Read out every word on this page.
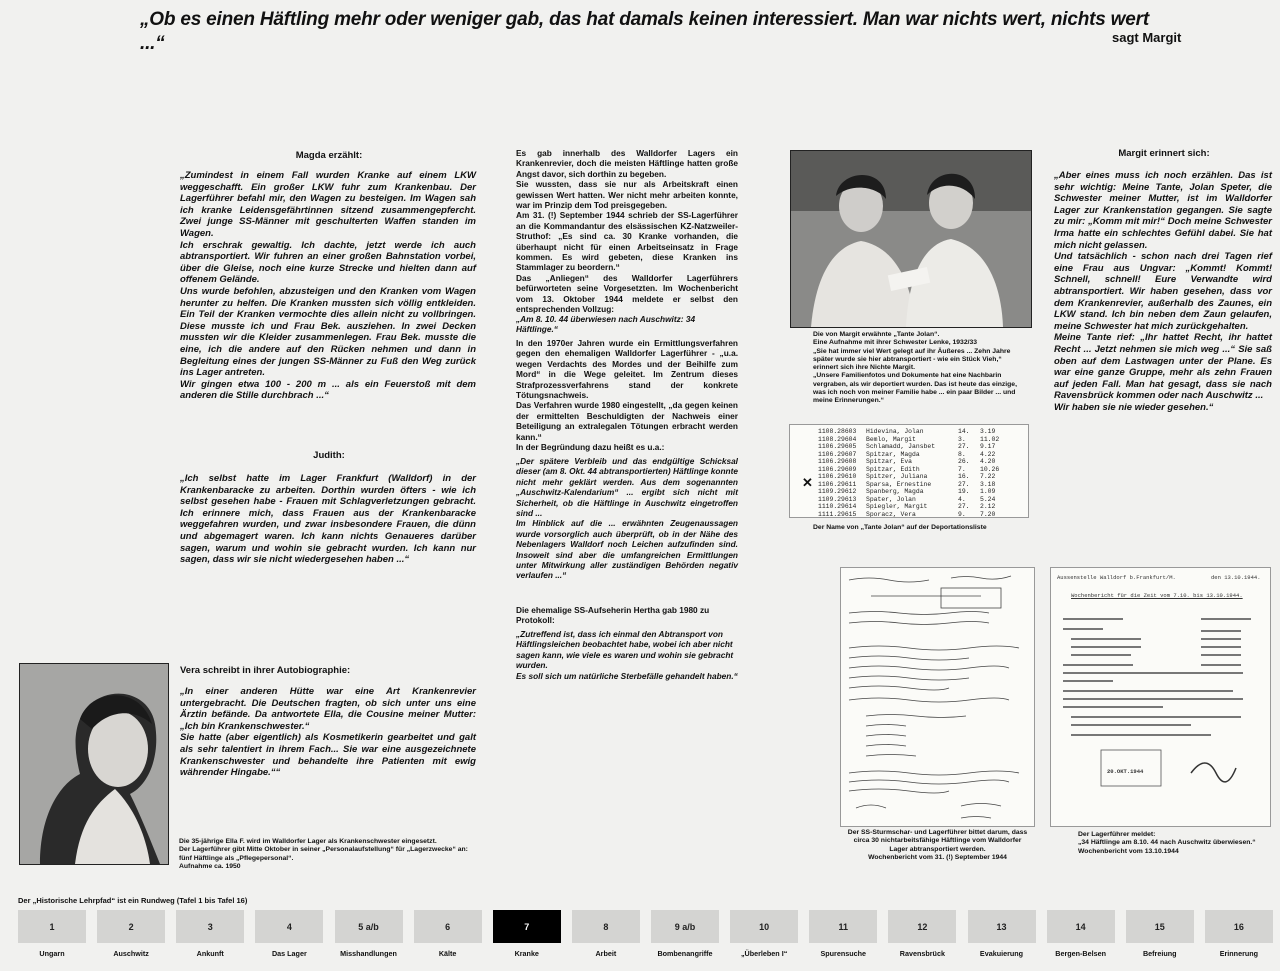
„Ob es einen Häftling mehr oder weniger gab, das hat damals keinen interessiert. Man war nichts wert, nichts wert ...“	sagt Margit
Magda erzählt:
„Zumindest in einem Fall wurden Kranke auf einem LKW weggeschafft. Ein großer LKW fuhr zum Krankenbau. Der Lagerführer befahl mir, den Wagen zu besteigen. Im Wagen sah ich kranke Leidensgefährtinnen sitzend zusammengepfercht. Zwei junge SS-Männer mit geschulterten Waffen standen im Wagen.
Ich erschrak gewaltig. Ich dachte, jetzt werde ich auch abtransportiert. Wir fuhren an einer großen Bahnstation vorbei, über die Gleise, noch eine kurze Strecke und hielten dann auf offenem Gelände.
Uns wurde befohlen, abzusteigen und den Kranken vom Wagen herunter zu helfen. Die Kranken mussten sich völlig entkleiden. Ein Teil der Kranken vermochte dies allein nicht zu vollbringen. Diese musste ich und Frau Bek. ausziehen. In zwei Decken mussten wir die Kleider zusammenlegen. Frau Bek. musste die eine, ich die andere auf den Rücken nehmen und dann in Begleitung eines der jungen SS-Männer zu Fuß den Weg zurück ins Lager antreten.
Wir gingen etwa 100 - 200 m ... als ein Feuerstoß mit dem anderen die Stille durchbrach ...“
Judith:
„Ich selbst hatte im Lager Frankfurt (Walldorf) in der Krankenbaracke zu arbeiten. Dorthin wurden öfters - wie ich selbst gesehen habe - Frauen mit Schlagverletzungen gebracht. Ich erinnere mich, dass Frauen aus der Krankenbaracke weggefahren wurden, und zwar insbesondere Frauen, die dünn und abgemagert waren. Ich kann nichts Genaueres darüber sagen, warum und wohin sie gebracht wurden. Ich kann nur sagen, dass wir sie nicht wiedergesehen haben ...“
Vera schreibt in ihrer Autobiographie:
„In einer anderen Hütte war eine Art Krankenrevier untergebracht. Die Deutschen fragten, ob sich unter uns eine Ärztin befände. Da antwortete Ella, die Cousine meiner Mutter: „Ich bin Krankenschwester.“
Sie hatte (aber eigentlich) als Kosmetikerin gearbeitet und galt als sehr talentiert in ihrem Fach... Sie war eine ausgezeichnete Krankenschwester und behandelte ihre Patienten mit ewig währender Hingabe.““
Die 35-jährige Ella F. wird im Walldorfer Lager als Krankenschwester eingesetzt.
Der Lagerführer gibt Mitte Oktober in seiner „Personalaufstellung“ für „Lagerzwecke“ an: fünf Häftlinge als „Pflegepersonal“.
Aufnahme ca. 1950
Es gab innerhalb des Walldorfer Lagers ein Krankenrevier, doch die meisten Häftlinge hatten große Angst davor, sich dorthin zu begeben.
Sie wussten, dass sie nur als Arbeitskraft einen gewissen Wert hatten. Wer nicht mehr arbeiten konnte, war im Prinzip dem Tod preisgegeben.
Am 31. (!) September 1944 schrieb der SS-Lagerführer an die Kommandantur des elsässischen KZ-Natzweiler-Struthof: „Es sind ca. 30 Kranke vorhanden, die überhaupt nicht für einen Arbeitseinsatz in Frage kommen. Es wird gebeten, diese Kranken ins Stammlager zu beordern.“
Das „Anliegen“ des Walldorfer Lagerführers befürworteten seine Vorgesetzten. Im Wochenbericht vom 13. Oktober 1944 meldete er selbst den entsprechenden Vollzug:
„Am 8. 10. 44 überwiesen nach Auschwitz: 34 Häftlinge.“
In den 1970er Jahren wurde ein Ermittlungsverfahren gegen den ehemaligen Walldorfer Lagerführer - „u.a. wegen Verdachts des Mordes und der Beihilfe zum Mord“ in die Wege geleitet. Im Zentrum dieses Strafprozessverfahrens stand der konkrete Tötungsnachweis.
Das Verfahren wurde 1980 eingestellt, „da gegen keinen der ermittelten Beschuldigten der Nachweis einer Beteiligung an extralegalen Tötungen erbracht werden kann.“
In der Begründung dazu heißt es u.a.:
„Der spätere Verbleib und das endgültige Schicksal dieser (am 8. Okt. 44 abtransportierten) Häftlinge konnte nicht mehr geklärt werden. Aus dem sogenannten „Auschwitz-Kalendarium“ ... ergibt sich nicht mit Sicherheit, ob die Häftlinge in Auschwitz eingetroffen sind ...
Im Hinblick auf die ... erwähnten Zeugenaussagen wurde vorsorglich auch überprüft, ob in der Nähe des Nebenlagers Walldorf noch Leichen aufzufinden sind. Insoweit sind aber die umfangreichen Ermittlungen unter Mitwirkung aller zuständigen Behörden negativ verlaufen ...“
Die ehemalige SS-Aufseherin Hertha gab 1980 zu Protokoll:
„Zutreffend ist, dass ich einmal den Abtransport von Häftlingsleichen beobachtet habe, wobei ich aber nicht sagen kann, wie viele es waren und wohin sie gebracht wurden.
Es soll sich um natürliche Sterbefälle gehandelt haben.“
Die von Margit erwähnte „Tante Jolan“.
Eine Aufnahme mit ihrer Schwester Lenke, 1932/33
„Sie hat immer viel Wert gelegt auf ihr Äußeres ... Zehn Jahre später wurde sie hier abtransportiert - wie ein Stück Vieh,“ erinnert sich ihre Nichte Margit.
„Unsere Familienfotos und Dokumente hat eine Nachbarin vergraben, als wir deportiert wurden. Das ist heute das einzige, was ich noch von meiner Familie habe ... ein paar Bilder ... und meine Erinnerungen.“
1108.28603	Hidevina, Jolan	14.	3.19
1108.29604	Bemlo, Margit	3.	11.02
1106.29605	Schlamadd, Jansbet	27.	9.17
1106.29607	Spitzar, Magda	8.	4.22
1106.29608	Spitzar, Eva	26.	4.20
1106.29609	Spitzar, Edith	7.	10.26
1106.29610	Spitzer, Juliana	16.	7.22
1106.29611	Sparsa, Ernestine	27.	3.18
1109.29612	Spanberg, Magda	19.	1.09
1109.29613	Spater, Jolan	4.	5.24
1110.29614	Spiegler, Margit	27.	2.12
1111.29615	Sporacz, Vera	9.	7.20
✕
Der Name von „Tante Jolan“ auf der Deportationsliste
Margit erinnert sich:
„Aber eines muss ich noch erzählen. Das ist sehr wichtig: Meine Tante, Jolan Speter, die Schwester meiner Mutter, ist im Walldorfer Lager zur Krankenstation gegangen. Sie sagte zu mir: „Komm mit mir!“ Doch meine Schwester Irma hatte ein schlechtes Gefühl dabei. Sie hat mich nicht gelassen.
Und tatsächlich - schon nach drei Tagen rief eine Frau aus Ungvar: „Kommt! Kommt! Schnell, schnell! Eure Verwandte wird abtransportiert. Wir haben gesehen, dass vor dem Krankenrevier, außerhalb des Zaunes, ein LKW stand. Ich bin neben dem Zaun gelaufen, meine Schwester hat mich zurückgehalten.
Meine Tante rief: „Ihr hattet Recht, ihr hattet Recht ... Jetzt nehmen sie mich weg ...“ Sie saß oben auf dem Lastwagen unter der Plane. Es war eine ganze Gruppe, mehr als zehn Frauen auf jeden Fall. Man hat gesagt, dass sie nach Ravensbrück kommen oder nach Auschwitz ...
Wir haben sie nie wieder gesehen.“
Der SS-Sturmschar- und Lagerführer bittet darum, dass circa 30 nichtarbeitsfähige Häftlinge vom Walldorfer Lager abtransportiert werden.
Wochenbericht vom 31. (!) September 1944
Aussenstelle Walldorf b.Frankfurt/M.	den 13.10.1944.
Wochenbericht für die Zeit vom 7.10. bis 13.10.1944.
20.OKT.1944
Der Lagerführer meldet:
„34 Häftlinge am 8.10. 44 nach Auschwitz überwiesen.“
Wochenbericht vom 13.10.1944
Der „Historische Lehrpfad“ ist ein Rundweg (Tafel 1 bis Tafel 16)
1
Ungarn
2
Auschwitz
3
Ankunft
4
Das Lager
5 a/b
Misshandlungen
6
Kälte
7
Kranke
8
Arbeit
9 a/b
Bombenangriffe
10
„Überleben I“
11
Spurensuche
12
Ravensbrück
13
Evakuierung
14
Bergen-Belsen
15
Befreiung
16
Erinnerung
